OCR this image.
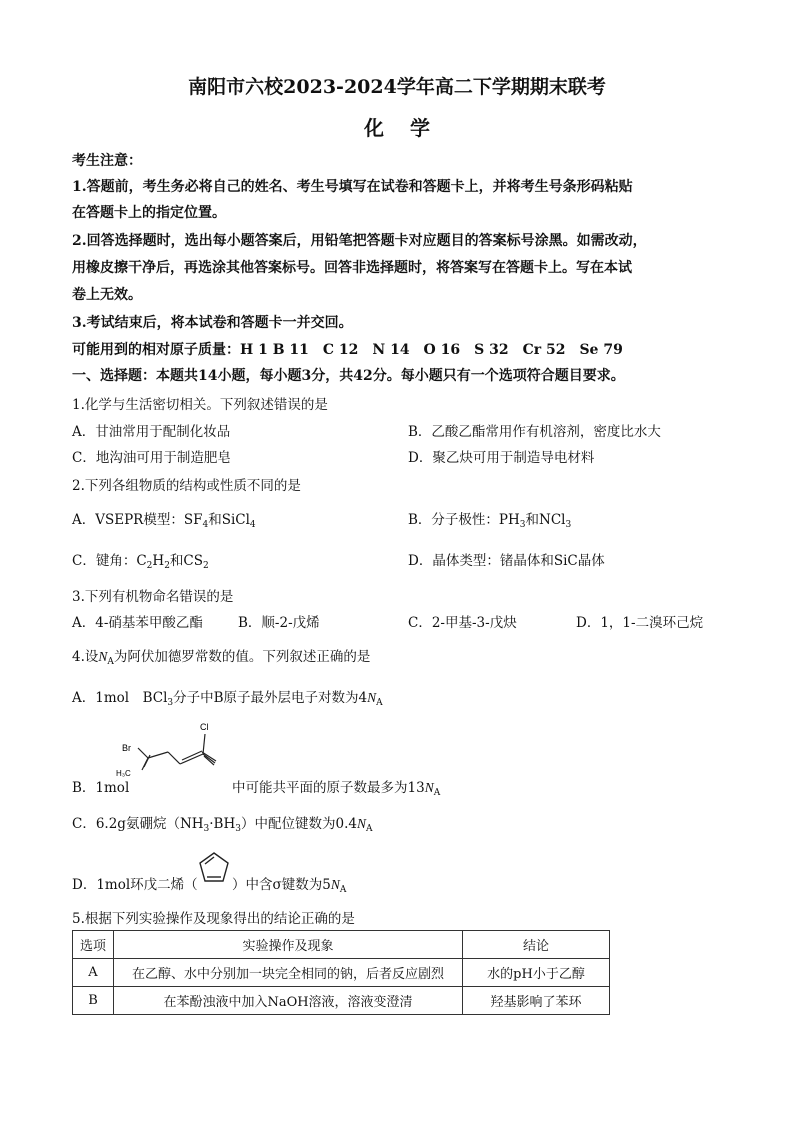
南阳市六校2023-2024学年高二下学期期末联考
化学
考生注意：
1.答题前，考生务必将自己的姓名、考生号填写在试卷和答题卡上，并将考生号条形码粘贴
在答题卡上的指定位置。
2.回答选择题时，选出每小题答案后，用铅笔把答题卡对应题目的答案标号涂黑。如需改动，
用橡皮擦干净后，再选涂其他答案标号。回答非选择题时，将答案写在答题卡上。写在本试
卷上无效。
3.考试结束后，将本试卷和答题卡一并交回。
可能用到的相对原子质量：H 1 B 11　C 12　N 14　O 16　S 32　Cr 52　Se 79
一、选择题：本题共14小题，每小题3分，共42分。每小题只有一个选项符合题目要求。
1.化学与生活密切相关。下列叙述错误的是
A．甘油常用于配制化妆品	B．乙酸乙酯常用作有机溶剂，密度比水大
C．地沟油可用于制造肥皂	D．聚乙炔可用于制造导电材料
2.下列各组物质的结构或性质不同的是
A．VSEPR模型：$SF_4$和SiCl$_4$	B．分子极性：$PH_3$和NCl$_3$
C．键角：$C_2H_2$和$CS_2$	D．晶体类型：锗晶体和SiC晶体
3.下列有机物命名错误的是
A．4-硝基苯甲酸乙酯	B．顺-2-戊烯	C．2-甲基-3-戊炔	D．1，1-二溴环己烷
4.设$N_A$为阿伏加德罗常数的值。下列叙述正确的是
A．1mol　BCl$_3$分子中B原子最外层电子对数为$4N_A$
Br
Cl
H₃C
B．1mol	中可能共平面的原子数最多为$13N_A$
C．6.2g氨硼烷$(NH_3\cdot BH_3)$中配位键数为$0.4N_A$
D．1mol环戊二烯（	）中含σ键数为$5N_A$
5.根据下列实验操作及现象得出的结论正确的是
选项	实验操作及现象	结论
A	在乙醇、水中分别加一块完全相同的钠，后者反应剧烈	水的pH小于乙醇
B	在苯酚浊液中加入NaOH溶液，溶液变澄清	羟基影响了苯环
